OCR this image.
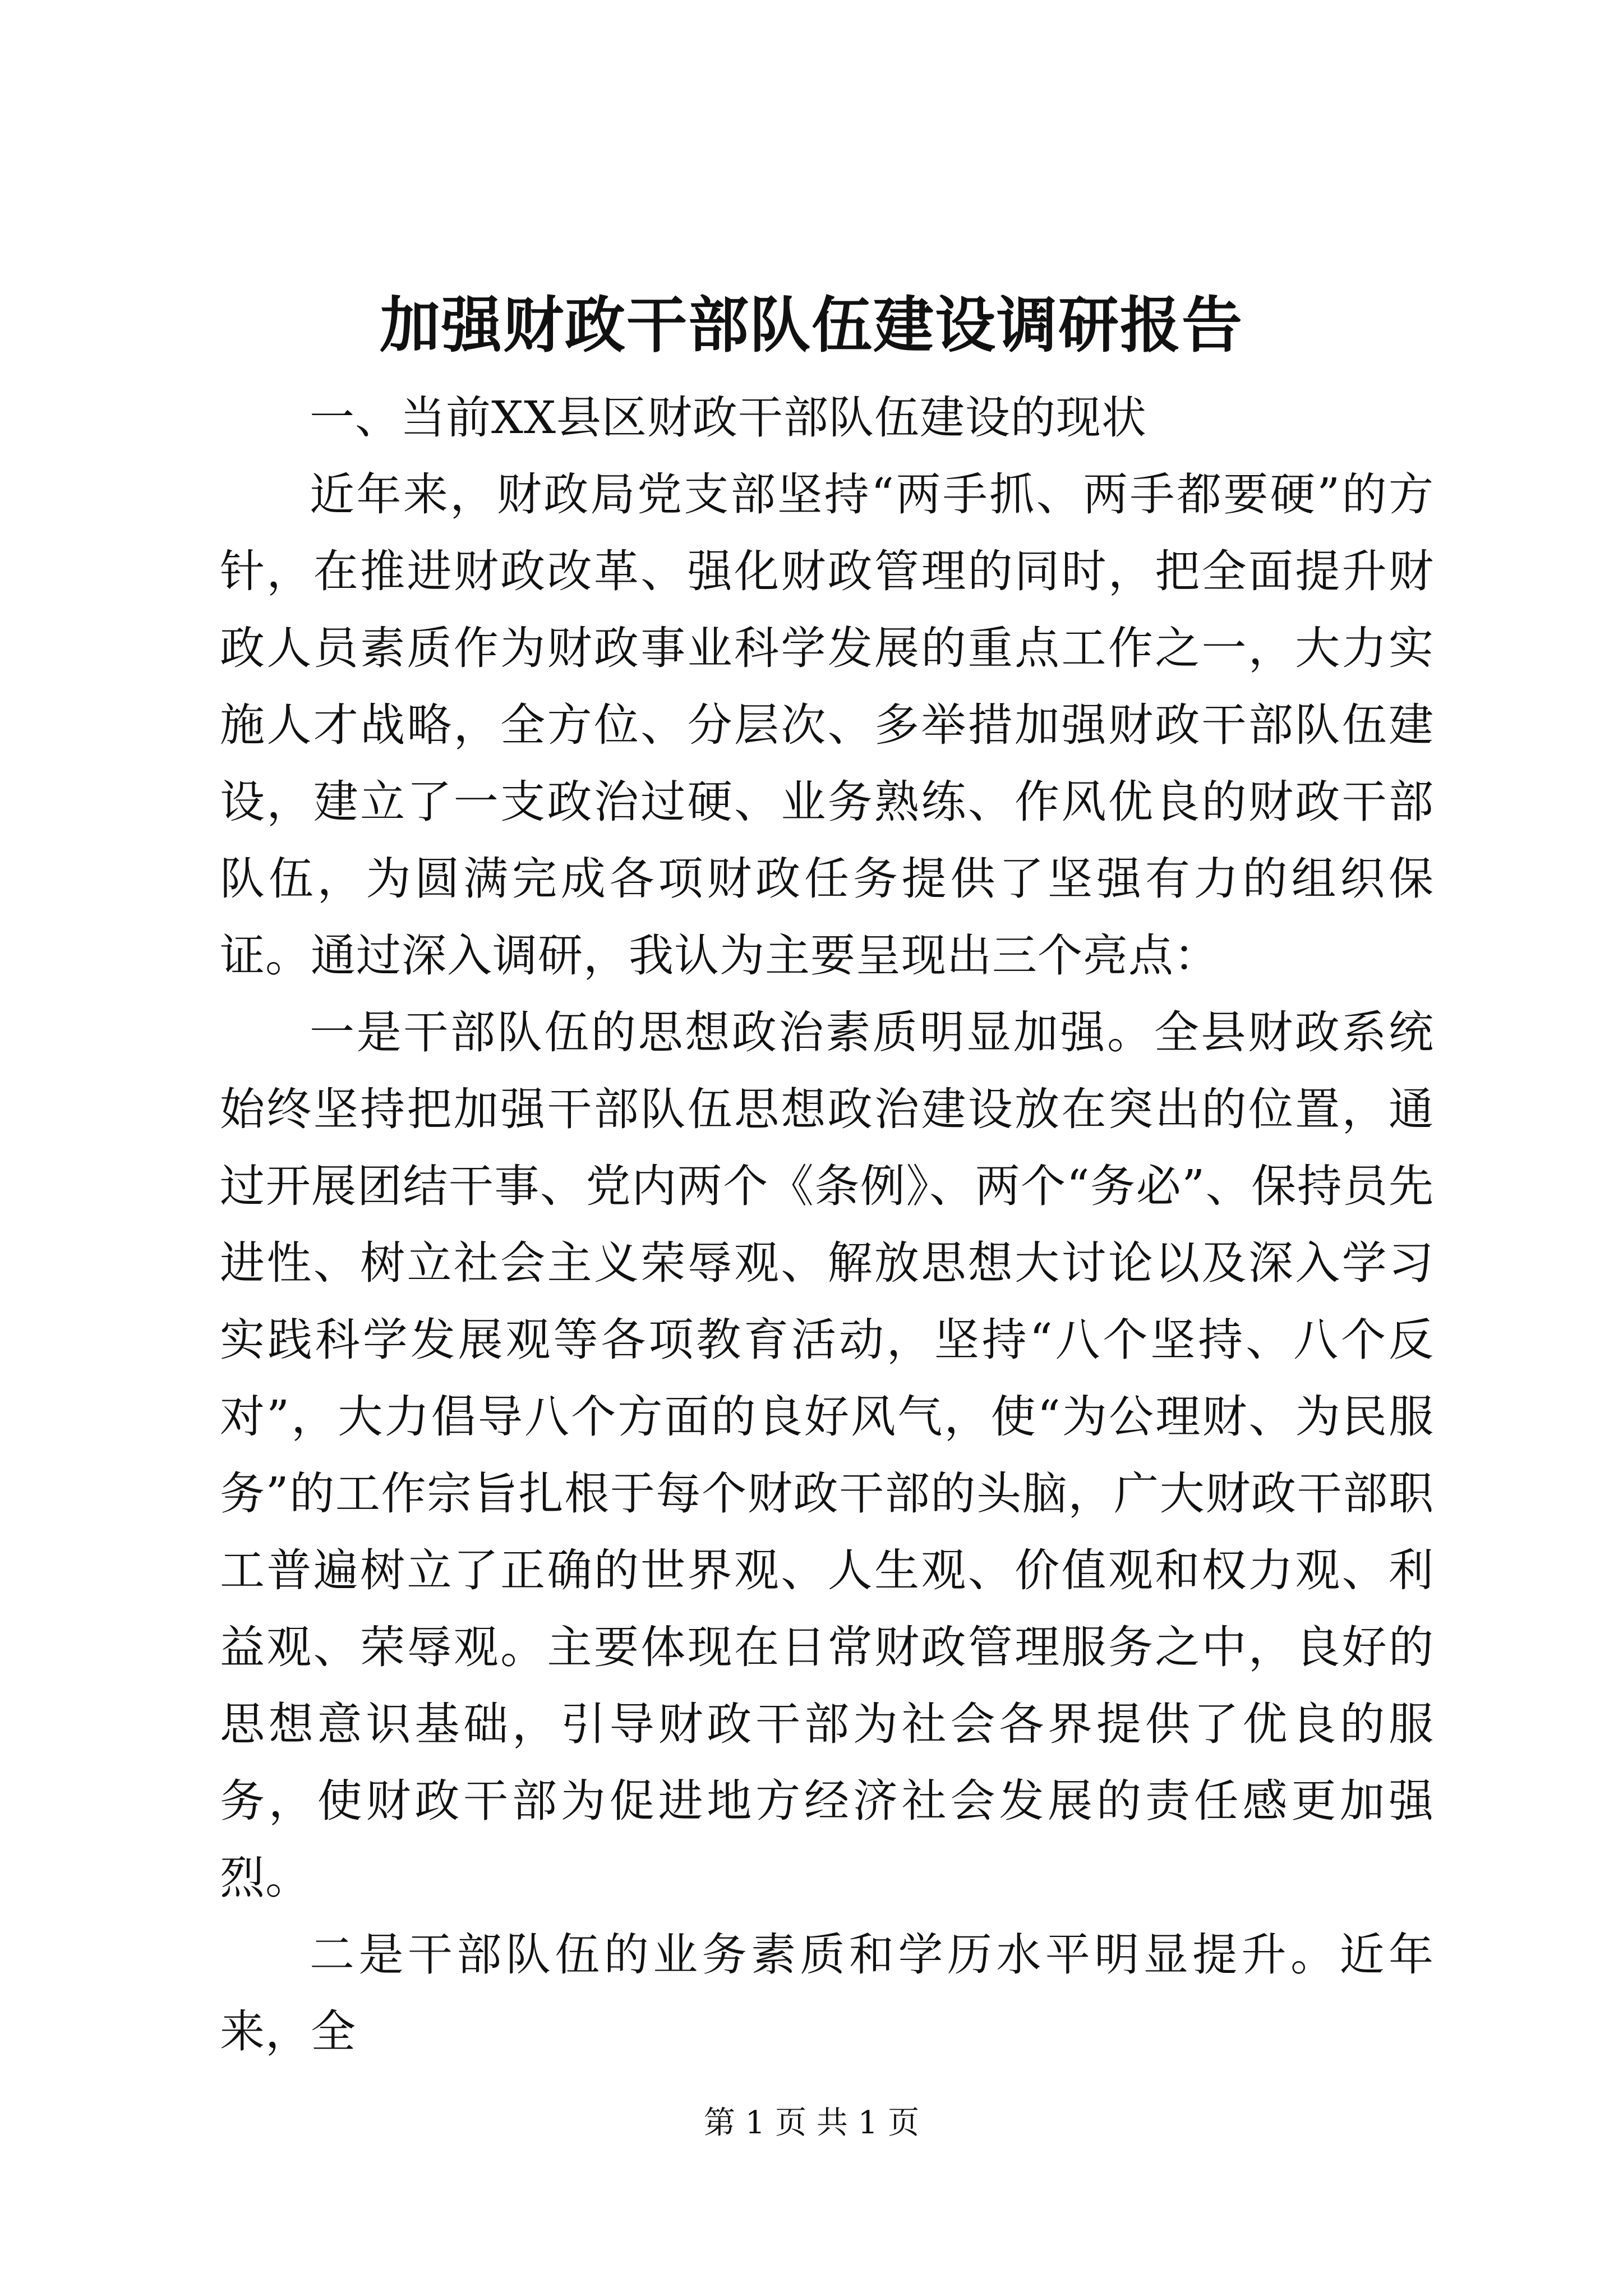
加强财政干部队伍建设调研报告

一、当前XX县区财政干部队伍建设的现状

近年来，财政局党支部坚持“两手抓、两手都要硬”的方针，在推进财政改革、强化财政管理的同时，把全面提升财政人员素质作为财政事业科学发展的重点工作之一，大力实施人才战略，全方位、分层次、多举措加强财政干部队伍建设，建立了一支政治过硬、业务熟练、作风优良的财政干部队伍，为圆满完成各项财政任务提供了坚强有力的组织保证。通过深入调研，我认为主要呈现出三个亮点：

一是干部队伍的思想政治素质明显加强。全县财政系统始终坚持把加强干部队伍思想政治建设放在突出的位置，通过开展团结干事、党内两个《条例》、两个“务必”、保持员先进性、树立社会主义荣辱观、解放思想大讨论以及深入学习实践科学发展观等各项教育活动，坚持“八个坚持、八个反对”，大力倡导八个方面的良好风气，使“为公理财、为民服务”的工作宗旨扎根于每个财政干部的头脑，广大财政干部职工普遍树立了正确的世界观、人生观、价值观和权力观、利益观、荣辱观。主要体现在日常财政管理服务之中，良好的思想意识基础，引导财政干部为社会各界提供了优良的服务，使财政干部为促进地方经济社会发展的责任感更加强烈。

二是干部队伍的业务素质和学历水平明显提升。近年来，全

第 1 页 共 1 页
